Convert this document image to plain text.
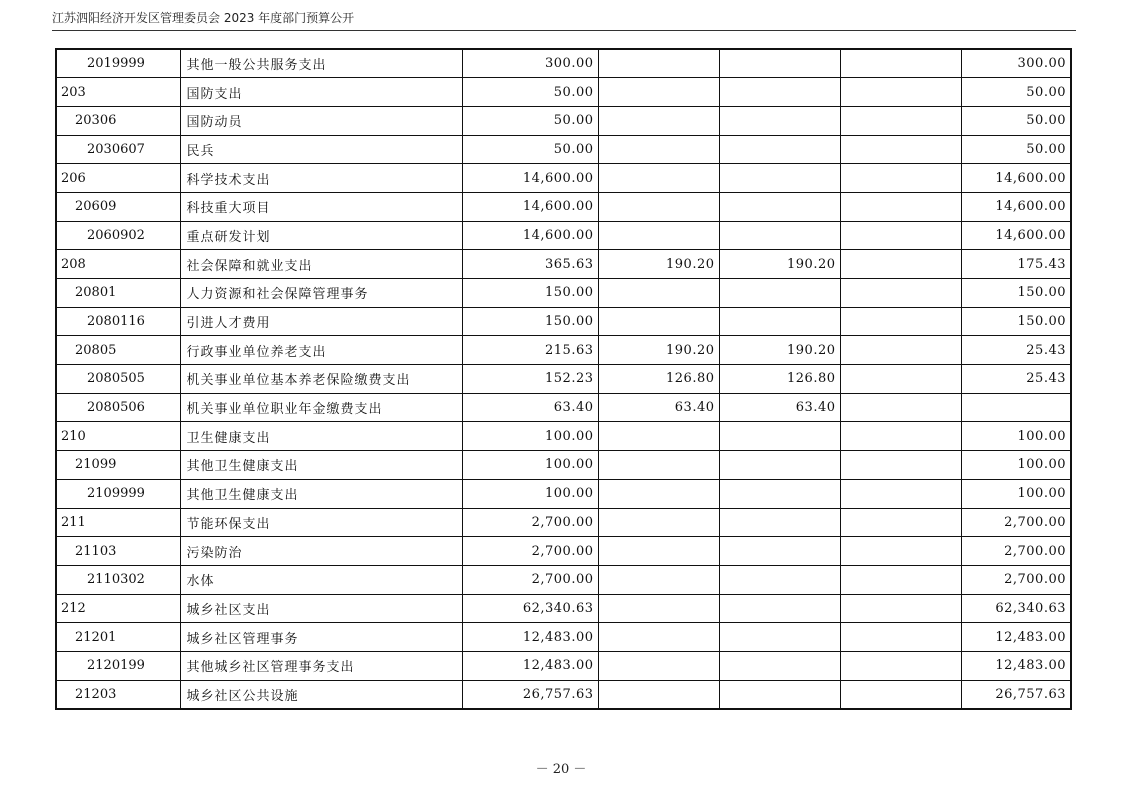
江苏泗阳经济开发区管理委员会 2023 年度部门预算公开
2019999	其他一般公共服务支出	300.00				300.00
203	国防支出	50.00				50.00
20306	国防动员	50.00				50.00
2030607	民兵	50.00				50.00
206	科学技术支出	14,600.00				14,600.00
20609	科技重大项目	14,600.00				14,600.00
2060902	重点研发计划	14,600.00				14,600.00
208	社会保障和就业支出	365.63	190.20	190.20		175.43
20801	人力资源和社会保障管理事务	150.00				150.00
2080116	引进人才费用	150.00				150.00
20805	行政事业单位养老支出	215.63	190.20	190.20		25.43
2080505	机关事业单位基本养老保险缴费支出	152.23	126.80	126.80		25.43
2080506	机关事业单位职业年金缴费支出	63.40	63.40	63.40		
210	卫生健康支出	100.00				100.00
21099	其他卫生健康支出	100.00				100.00
2109999	其他卫生健康支出	100.00				100.00
211	节能环保支出	2,700.00				2,700.00
21103	污染防治	2,700.00				2,700.00
2110302	水体	2,700.00				2,700.00
212	城乡社区支出	62,340.63				62,340.63
21201	城乡社区管理事务	12,483.00				12,483.00
2120199	其他城乡社区管理事务支出	12,483.00				12,483.00
21203	城乡社区公共设施	26,757.63				26,757.63
－ 20 －
